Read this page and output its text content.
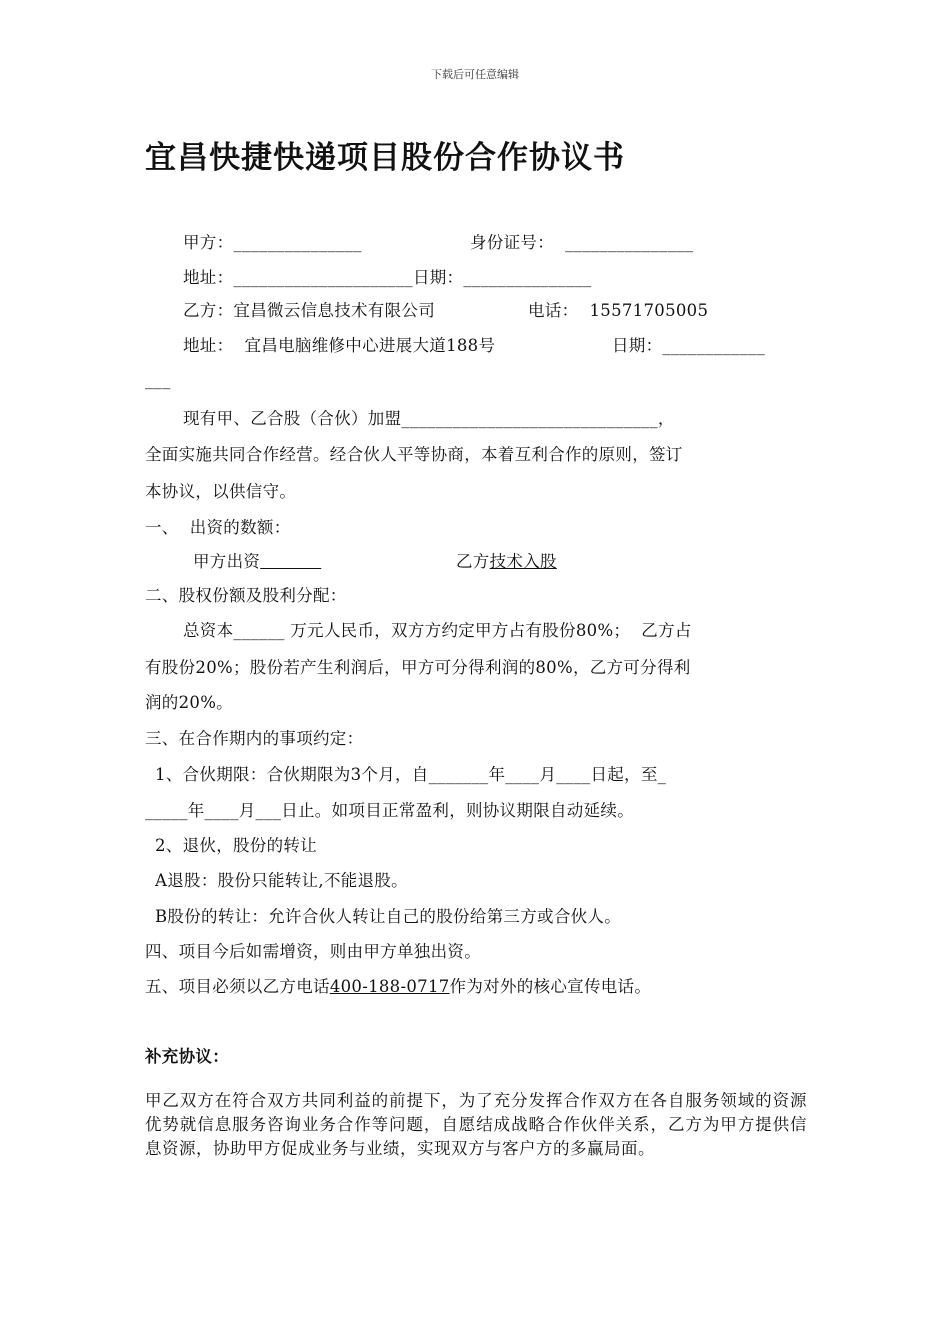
下载后可任意编辑
宜昌快捷快递项目股份合作协议书
甲方：_______________	身份证号：  _______________
地址：_____________________日期：_______________
乙方：宜昌微云信息技术有限公司	电话：  15571705005
地址：  宜昌电脑维修中心进展大道188号	日期：____________
___
现有甲、乙合股（合伙）加盟______________________________，
全面实施共同合作经营。经合伙人平等协商，本着互利合作的原则，签订
本协议，以供信守。
一、  出资的数额：
甲方出资	乙方技术入股
二、股权份额及股利分配：
总资本______ 万元人民币，双方方约定甲方占有股份80%；  乙方占
有股份20%；股份若产生利润后，甲方可分得利润的80%，乙方可分得利
润的20%。
三、在合作期内的事项约定：
1、合伙期限：合伙期限为3个月，自_______年____月____日起，至_
_____年____月___日止。如项目正常盈利，则协议期限自动延续。
2、退伙，股份的转让
A退股：股份只能转让,不能退股。
B股份的转让：允许合伙人转让自己的股份给第三方或合伙人。
四、项目今后如需增资，则由甲方单独出资。
五、项目必须以乙方电话400-188-0717作为对外的核心宣传电话。
补充协议：
甲乙双方在符合双方共同利益的前提下，为了充分发挥合作双方在各自服务领域的资源优势就信息服务咨询业务合作等问题，自愿结成战略合作伙伴关系，乙方为甲方提供信息资源，协助甲方促成业务与业绩，实现双方与客户方的多赢局面。
